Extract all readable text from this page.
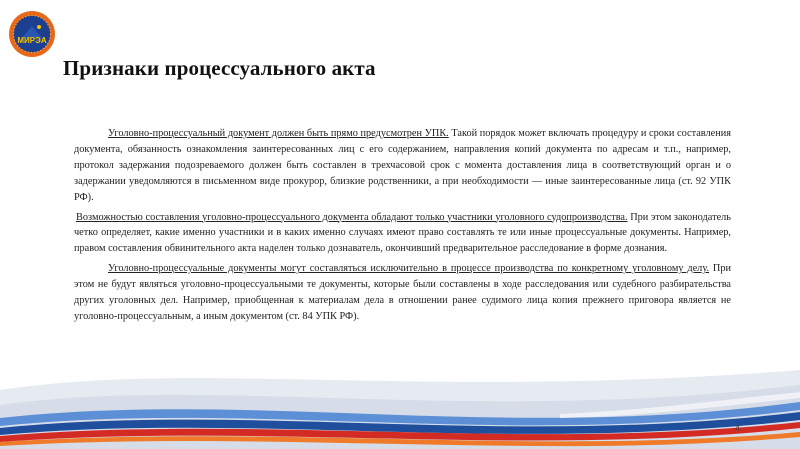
МИРЭА
Признаки процессуального акта

Уголовно-процессуальный документ должен быть прямо предусмотрен УПК. Такой порядок может включать процедуру и сроки составления документа, обязанность ознакомления заинтересованных лиц с его содержанием, направления копий документа по адресам и т.п., например, протокол задержания подозреваемого должен быть составлен в трехчасовой срок с момента доставления лица в соответствующий орган и о задержании уведомляются в письменном виде прокурор, близкие родственники, а при необходимости — иные заинтересованные лица (ст. 92 УПК РФ).

Возможностью составления уголовно-процессуального документа обладают только участники уголовного судопроизводства. При этом законодатель четко определяет, какие именно участники и в каких именно случаях имеют право составлять те или иные процессуальные документы. Например, правом составления обвинительного акта наделен только дознаватель, окончивший предварительное расследование в форме дознания.

Уголовно-процессуальные документы могут составляться исключительно в процессе производства по конкретному уголовному делу. При этом не будут являться уголовно-процессуальными те документы, которые были составлены в ходе расследования или судебного разбирательства других уголовных дел. Например, приобщенная к материалам дела в отношении ранее судимого лица копия прежнего приговора является не уголовно-процессуальным, а иным документом (ст. 84 УПК РФ).

4
